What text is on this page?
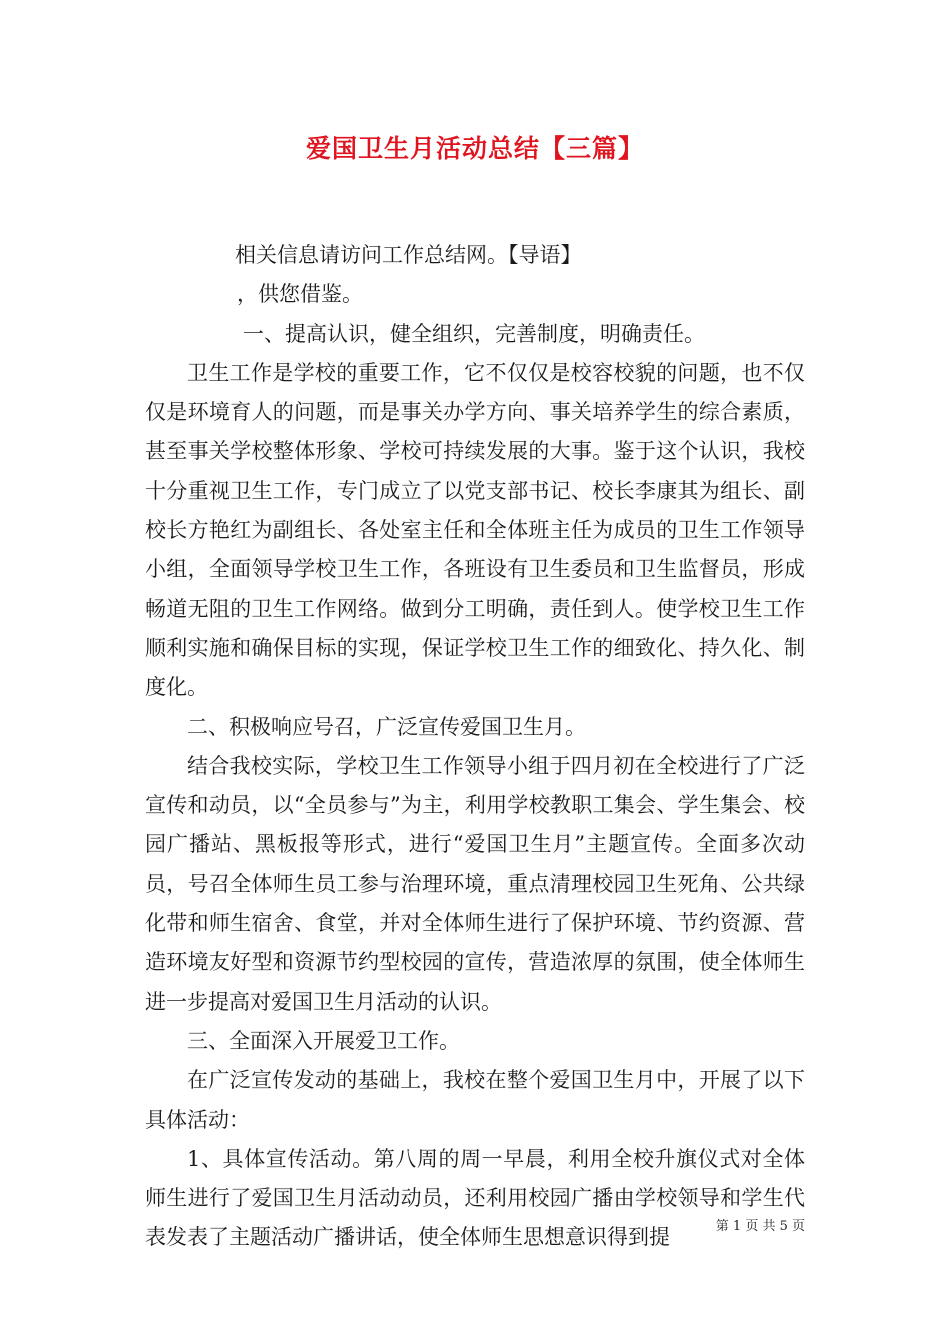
爱国卫生月活动总结【三篇】

相关信息请访问工作总结网。【导语】

，供您借鉴。

一、提高认识，健全组织，完善制度，明确责任。

卫生工作是学校的重要工作，它不仅仅是校容校貌的问题，也不仅仅是环境育人的问题，而是事关办学方向、事关培养学生的综合素质，甚至事关学校整体形象、学校可持续发展的大事。鉴于这个认识，我校十分重视卫生工作，专门成立了以党支部书记、校长李康其为组长、副校长方艳红为副组长、各处室主任和全体班主任为成员的卫生工作领导小组，全面领导学校卫生工作，各班设有卫生委员和卫生监督员，形成畅道无阻的卫生工作网络。做到分工明确，责任到人。使学校卫生工作顺利实施和确保目标的实现，保证学校卫生工作的细致化、持久化、制度化。

二、积极响应号召，广泛宣传爱国卫生月。

结合我校实际，学校卫生工作领导小组于四月初在全校进行了广泛宣传和动员，以“全员参与”为主，利用学校教职工集会、学生集会、校园广播站、黑板报等形式，进行“爱国卫生月”主题宣传。全面多次动员，号召全体师生员工参与治理环境，重点清理校园卫生死角、公共绿化带和师生宿舍、食堂，并对全体师生进行了保护环境、节约资源、营造环境友好型和资源节约型校园的宣传，营造浓厚的氛围，使全体师生进一步提高对爱国卫生月活动的认识。

三、全面深入开展爱卫工作。

在广泛宣传发动的基础上，我校在整个爱国卫生月中，开展了以下具体活动：

1、具体宣传活动。第八周的周一早晨，利用全校升旗仪式对全体师生进行了爱国卫生月活动动员，还利用校园广播由学校领导和学生代表发表了主题活动广播讲话，使全体师生思想意识得到提	第 1 页 共 5 页
